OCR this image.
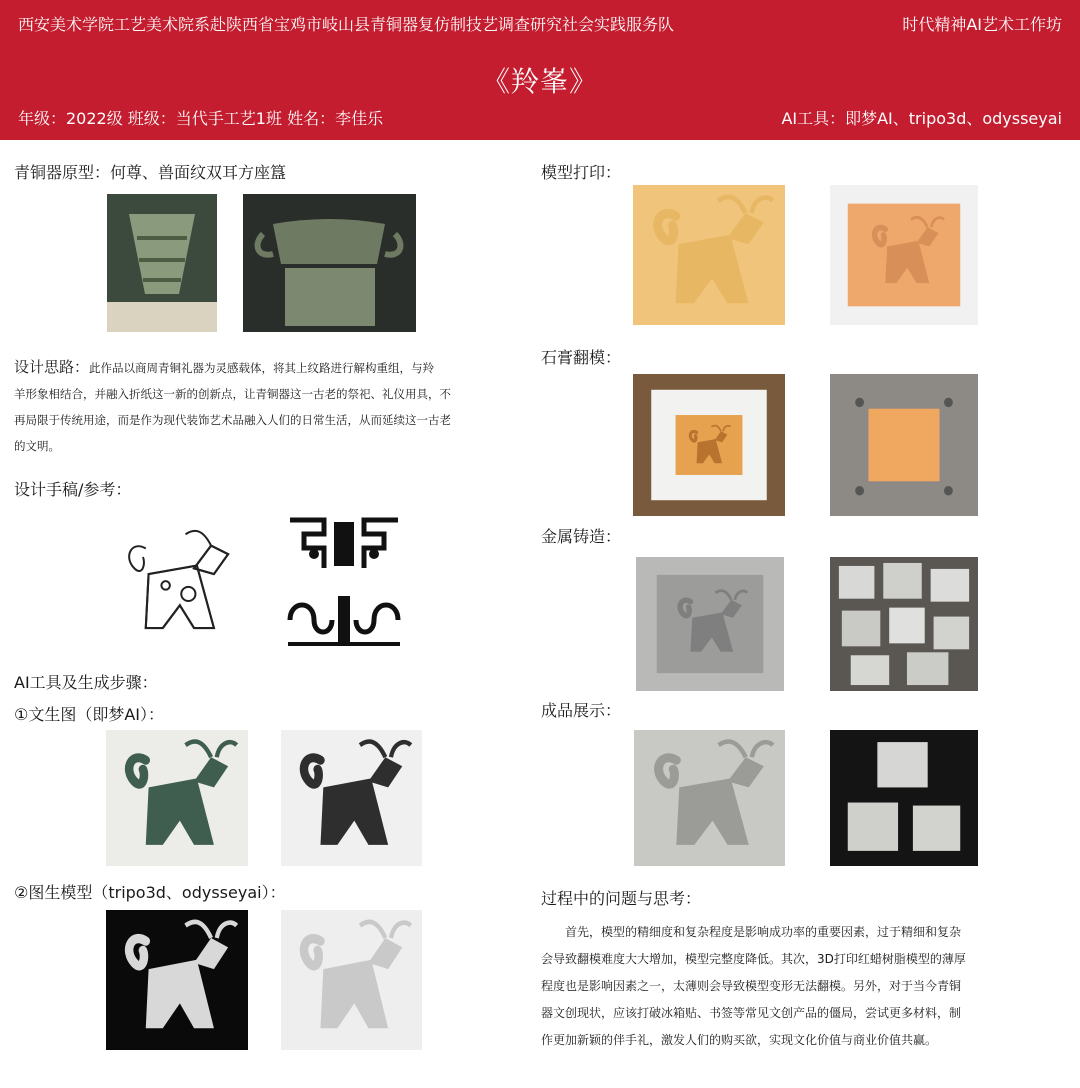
西安美术学院工艺美术院系赴陕西省宝鸡市岐山县青铜器复仿制技艺调查研究社会实践服务队	时代精神AI艺术工作坊
《羚峯》
年级：2022级 班级：当代手工艺1班 姓名：李佳乐	AI工具：即梦AI、tripo3d、odysseyai
青铜器原型：何尊、兽面纹双耳方座簋
设计思路：此作品以商周青铜礼器为灵感载体，将其上纹路进行解构重组，与羚
羊形象相结合，并融入折纸这一新的创新点，让青铜器这一古老的祭祀、礼仪用具，不
再局限于传统用途，而是作为现代装饰艺术品融入人们的日常生活，从而延续这一古老
的文明。
设计手稿/参考：
AI工具及生成步骤：
①文生图（即梦AI）：
②图生模型（tripo3d、odysseyai）：
模型打印：
石膏翻模：
金属铸造：
成品展示：
过程中的问题与思考：
首先，模型的精细度和复杂程度是影响成功率的重要因素，过于精细和复杂
会导致翻模难度大大增加，模型完整度降低。其次，3D打印红蜡树脂模型的薄厚
程度也是影响因素之一，太薄则会导致模型变形无法翻模。另外，对于当今青铜
器文创现状，应该打破冰箱贴、书签等常见文创产品的僵局，尝试更多材料，制
作更加新颖的伴手礼，激发人们的购买欲，实现文化价值与商业价值共赢。
